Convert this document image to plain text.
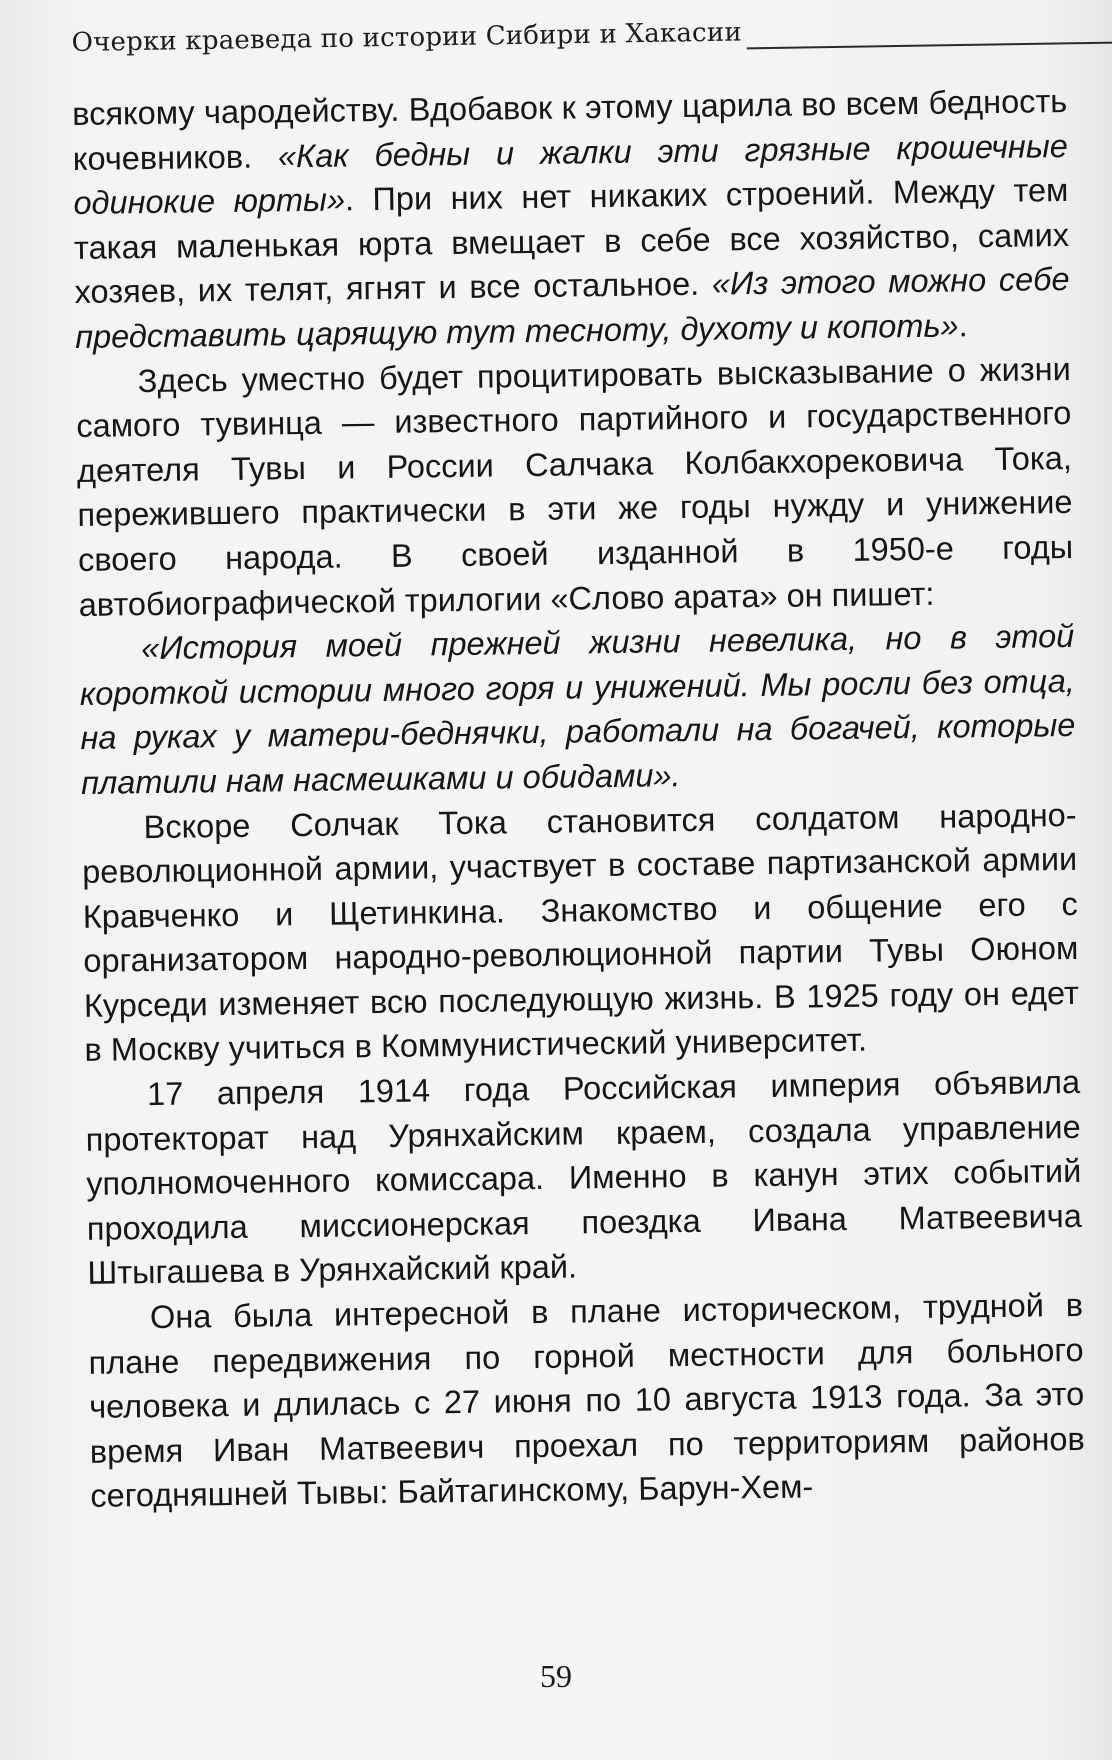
Очерки краеведа по истории Сибири и Хакасии

всякому чародейству. Вдобавок к этому царила во всем бедность кочевников. «Как бедны и жалки эти грязные крошечные одинокие юрты». При них нет никаких строений. Между тем такая маленькая юрта вмещает в себе все хозяйство, самих хозяев, их телят, ягнят и все остальное. «Из этого можно себе представить царящую тут тесноту, духоту и копоть».

Здесь уместно будет процитировать высказывание о жизни самого тувинца — известного партийного и государственного деятеля Тувы и России Салчака Колбакхорековича Тока, пережившего практически в эти же годы нужду и унижение своего народа. В своей изданной в 1950-е годы автобиографической трилогии «Слово арата» он пишет:

«История моей прежней жизни невелика, но в этой короткой истории много горя и унижений. Мы росли без отца, на руках у матери-беднячки, работали на богачей, которые платили нам насмешками и обидами».

Вскоре Солчак Тока становится солдатом народно-революционной армии, участвует в составе партизанской армии Кравченко и Щетинкина. Знакомство и общение его с организатором народно-революционной партии Тувы Оюном Курседи изменяет всю последующую жизнь. В 1925 году он едет в Москву учиться в Коммунистический университет.

17 апреля 1914 года Российская империя объявила протекторат над Урянхайским краем, создала управление уполномоченного комиссара. Именно в канун этих событий проходила миссионерская поездка Ивана Матвеевича Штыгашева в Урянхайский край.

Она была интересной в плане историческом, трудной в плане передвижения по горной местности для больного человека и длилась с 27 июня по 10 августа 1913 года. За это время Иван Матвеевич проехал по территориям районов сегодняшней Тывы: Байтагинскому, Барун-Хем-

59
